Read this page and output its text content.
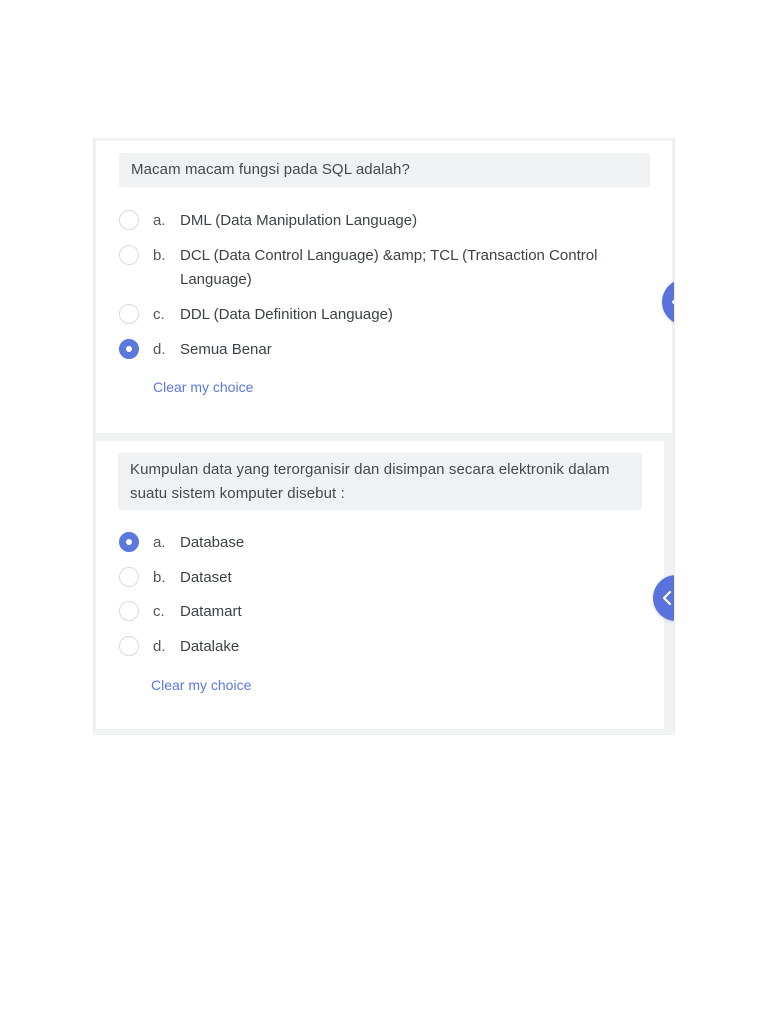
Macam macam fungsi pada SQL adalah?
a. DML (Data Manipulation Language)
b. DCL (Data Control Language) &amp; TCL (Transaction Control Language)
c.	DDL (Data Definition Language)
d. Semua Benar
Clear my choice
Kumpulan data yang terorganisir dan disimpan secara elektronik dalam suatu sistem komputer disebut :
a. Database
b. Dataset
c.	Datamart
d. Datalake
Clear my choice
